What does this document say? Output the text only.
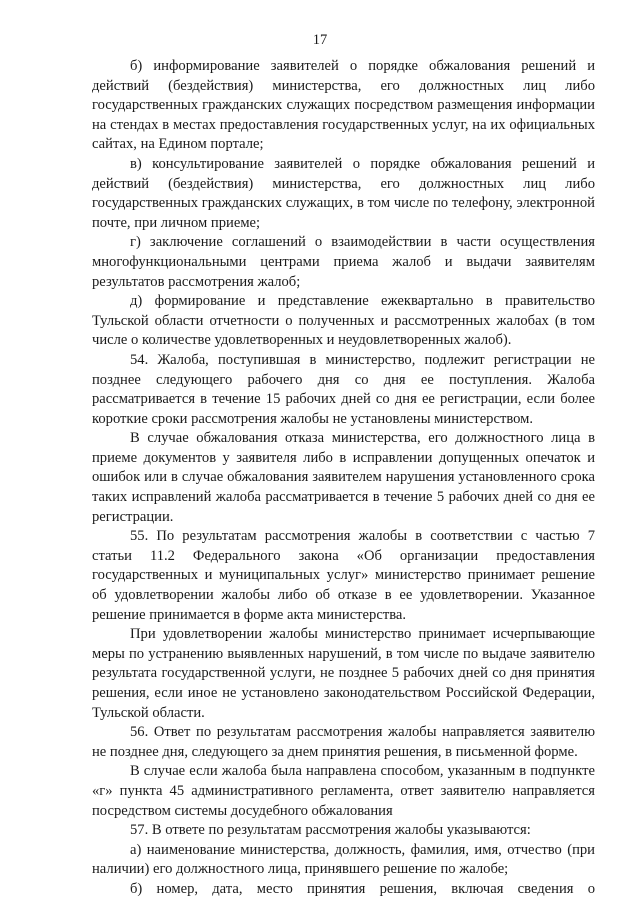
17

б) информирование заявителей о порядке обжалования решений и действий (бездействия) министерства, его должностных лиц либо государственных гражданских служащих посредством размещения информации на стендах в местах предоставления государственных услуг, на их официальных сайтах, на Едином портале;

в) консультирование заявителей о порядке обжалования решений и действий (бездействия) министерства, его должностных лиц либо государственных гражданских служащих, в том числе по телефону, электронной почте, при личном приеме;

г) заключение соглашений о взаимодействии в части осуществления многофункциональными центрами приема жалоб и выдачи заявителям результатов рассмотрения жалоб;

д) формирование и представление ежеквартально в правительство Тульской области отчетности о полученных и рассмотренных жалобах (в том числе о количестве удовлетворенных и неудовлетворенных жалоб).

54. Жалоба, поступившая в министерство, подлежит регистрации не позднее следующего рабочего дня со дня ее поступления. Жалоба рассматривается в течение 15 рабочих дней со дня ее регистрации, если более короткие сроки рассмотрения жалобы не установлены министерством.

В случае обжалования отказа министерства, его должностного лица в приеме документов у заявителя либо в исправлении допущенных опечаток и ошибок или в случае обжалования заявителем нарушения установленного срока таких исправлений жалоба рассматривается в течение 5 рабочих дней со дня ее регистрации.

55. По результатам рассмотрения жалобы в соответствии с частью 7 статьи 11.2 Федерального закона «Об организации предоставления государственных и муниципальных услуг» министерство принимает решение об удовлетворении жалобы либо об отказе в ее удовлетворении. Указанное решение принимается в форме акта министерства.

При удовлетворении жалобы министерство принимает исчерпывающие меры по устранению выявленных нарушений, в том числе по выдаче заявителю результата государственной услуги, не позднее 5 рабочих дней со дня принятия решения, если иное не установлено законодательством Российской Федерации, Тульской области.

56. Ответ по результатам рассмотрения жалобы направляется заявителю не позднее дня, следующего за днем принятия решения, в письменной форме.

В случае если жалоба была направлена способом, указанным в подпункте «г» пункта 45 административного регламента, ответ заявителю направляется посредством системы досудебного обжалования

57. В ответе по результатам рассмотрения жалобы указываются:

а) наименование министерства, должность, фамилия, имя, отчество (при наличии) его должностного лица, принявшего решение по жалобе;

б) номер, дата, место принятия решения, включая сведения о
